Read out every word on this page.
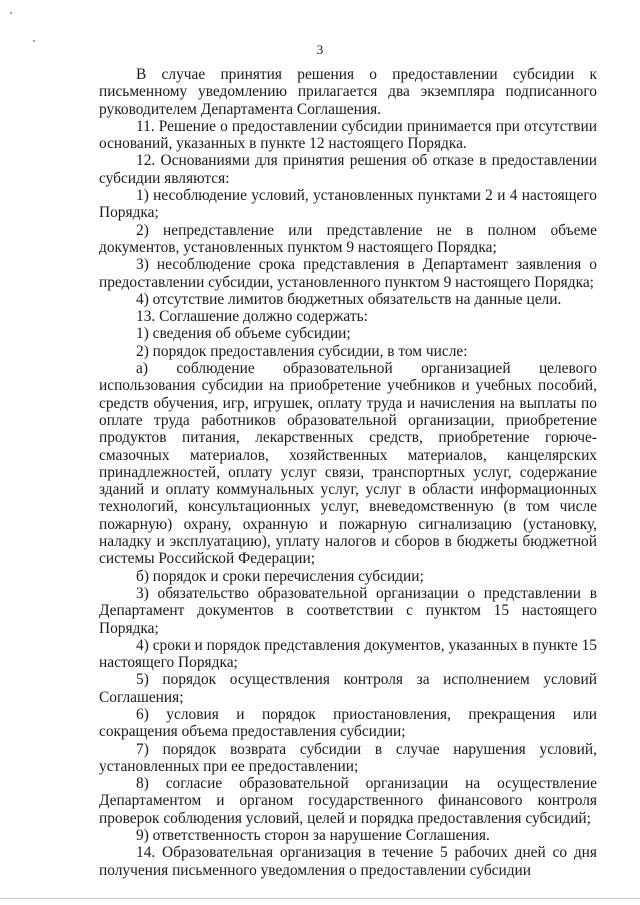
3

В случае принятия решения о предоставлении субсидии к письменному уведомлению прилагается два экземпляра подписанного руководителем Департамента Соглашения.

11. Решение о предоставлении субсидии принимается при отсутствии оснований, указанных в пункте 12 настоящего Порядка.

12. Основаниями для принятия решения об отказе в предоставлении субсидии являются:

1) несоблюдение условий, установленных пунктами 2 и 4 настоящего Порядка;

2) непредставление или представление не в полном объеме документов, установленных пунктом 9 настоящего Порядка;

3) несоблюдение срока представления в Департамент заявления о предоставлении субсидии, установленного пунктом 9 настоящего Порядка;

4) отсутствие лимитов бюджетных обязательств на данные цели.

13. Соглашение должно содержать:

1) сведения об объеме субсидии;

2) порядок предоставления субсидии, в том числе:

а) соблюдение образовательной организацией целевого использования субсидии на приобретение учебников и учебных пособий, средств обучения, игр, игрушек, оплату труда и начисления на выплаты по оплате труда работников образовательной организации, приобретение продуктов питания, лекарственных средств, приобретение горюче-смазочных материалов, хозяйственных материалов, канцелярских принадлежностей, оплату услуг связи, транспортных услуг, содержание зданий и оплату коммунальных услуг, услуг в области информационных технологий, консультационных услуг, вневедомственную (в том числе пожарную) охрану, охранную и пожарную сигнализацию (установку, наладку и эксплуатацию), уплату налогов и сборов в бюджеты бюджетной системы Российской Федерации;

б) порядок и сроки перечисления субсидии;

3) обязательство образовательной организации о представлении в Департамент документов в соответствии с пунктом 15 настоящего Порядка;

4) сроки и порядок представления документов, указанных в пункте 15 настоящего Порядка;

5) порядок осуществления контроля за исполнением условий Соглашения;

6) условия и порядок приостановления, прекращения или сокращения объема предоставления субсидии;

7) порядок возврата субсидии в случае нарушения условий, установленных при ее предоставлении;

8) согласие образовательной организации на осуществление Департаментом и органом государственного финансового контроля проверок соблюдения условий, целей и порядка предоставления субсидий;

9) ответственность сторон за нарушение Соглашения.

14. Образовательная организация в течение 5 рабочих дней со дня получения письменного уведомления о предоставлении субсидии
